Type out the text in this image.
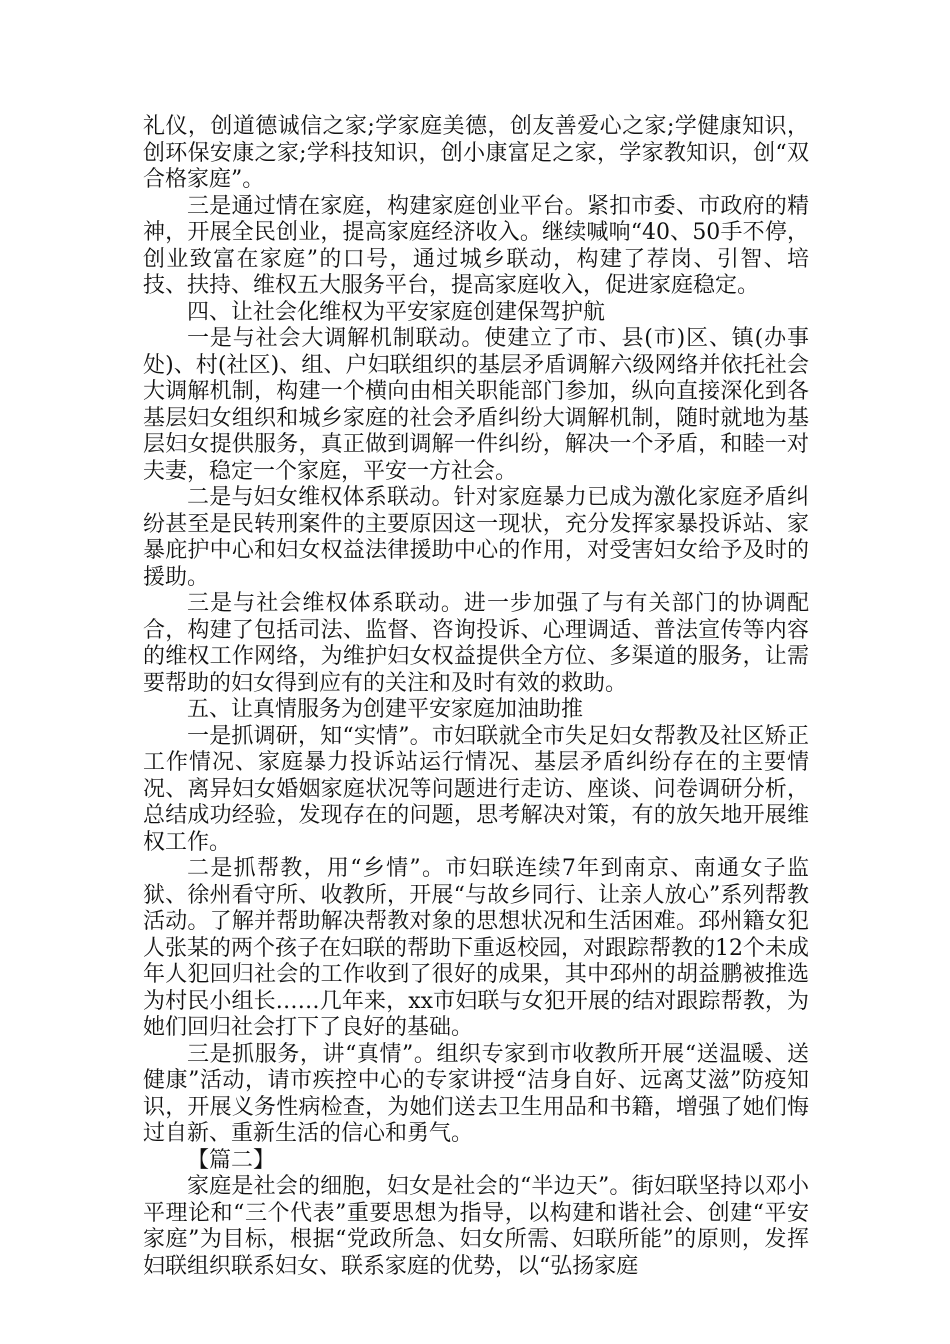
礼仪，创道德诚信之家;学家庭美德，创友善爱心之家;学健康知识，创环保安康之家;学科技知识，创小康富足之家，学家教知识，创“双合格家庭”。

三是通过情在家庭，构建家庭创业平台。紧扣市委、市政府的精神，开展全民创业，提高家庭经济收入。继续喊响“40、50手不停，创业致富在家庭”的口号，通过城乡联动，构建了荐岗、引智、培技、扶持、维权五大服务平台，提高家庭收入，促进家庭稳定。

四、让社会化维权为平安家庭创建保驾护航

一是与社会大调解机制联动。使建立了市、县(市)区、镇(办事处)、村(社区)、组、户妇联组织的基层矛盾调解六级网络并依托社会大调解机制，构建一个横向由相关职能部门参加，纵向直接深化到各基层妇女组织和城乡家庭的社会矛盾纠纷大调解机制，随时就地为基层妇女提供服务，真正做到调解一件纠纷，解决一个矛盾，和睦一对夫妻，稳定一个家庭，平安一方社会。

二是与妇女维权体系联动。针对家庭暴力已成为激化家庭矛盾纠纷甚至是民转刑案件的主要原因这一现状，充分发挥家暴投诉站、家暴庇护中心和妇女权益法律援助中心的作用，对受害妇女给予及时的援助。

三是与社会维权体系联动。进一步加强了与有关部门的协调配合，构建了包括司法、监督、咨询投诉、心理调适、普法宣传等内容的维权工作网络，为维护妇女权益提供全方位、多渠道的服务，让需要帮助的妇女得到应有的关注和及时有效的救助。

五、让真情服务为创建平安家庭加油助推

一是抓调研，知“实情”。市妇联就全市失足妇女帮教及社区矫正工作情况、家庭暴力投诉站运行情况、基层矛盾纠纷存在的主要情况、离异妇女婚姻家庭状况等问题进行走访、座谈、问卷调研分析，总结成功经验，发现存在的问题，思考解决对策，有的放矢地开展维权工作。

二是抓帮教，用“乡情”。市妇联连续7年到南京、南通女子监狱、徐州看守所、收教所，开展“与故乡同行、让亲人放心”系列帮教活动。了解并帮助解决帮教对象的思想状况和生活困难。邳州籍女犯人张某的两个孩子在妇联的帮助下重返校园，对跟踪帮教的12个未成年人犯回归社会的工作收到了很好的成果，其中邳州的胡益鹏被推选为村民小组长……几年来，xx市妇联与女犯开展的结对跟踪帮教，为她们回归社会打下了良好的基础。

三是抓服务，讲“真情”。组织专家到市收教所开展“送温暖、送健康”活动，请市疾控中心的专家讲授“洁身自好、远离艾滋”防疫知识，开展义务性病检查，为她们送去卫生用品和书籍，增强了她们悔过自新、重新生活的信心和勇气。

【篇二】

家庭是社会的细胞，妇女是社会的“半边天”。街妇联坚持以邓小平理论和“三个代表”重要思想为指导，以构建和谐社会、创建“平安家庭”为目标，根据“党政所急、妇女所需、妇联所能”的原则，发挥妇联组织联系妇女、联系家庭的优势，以“弘扬家庭
